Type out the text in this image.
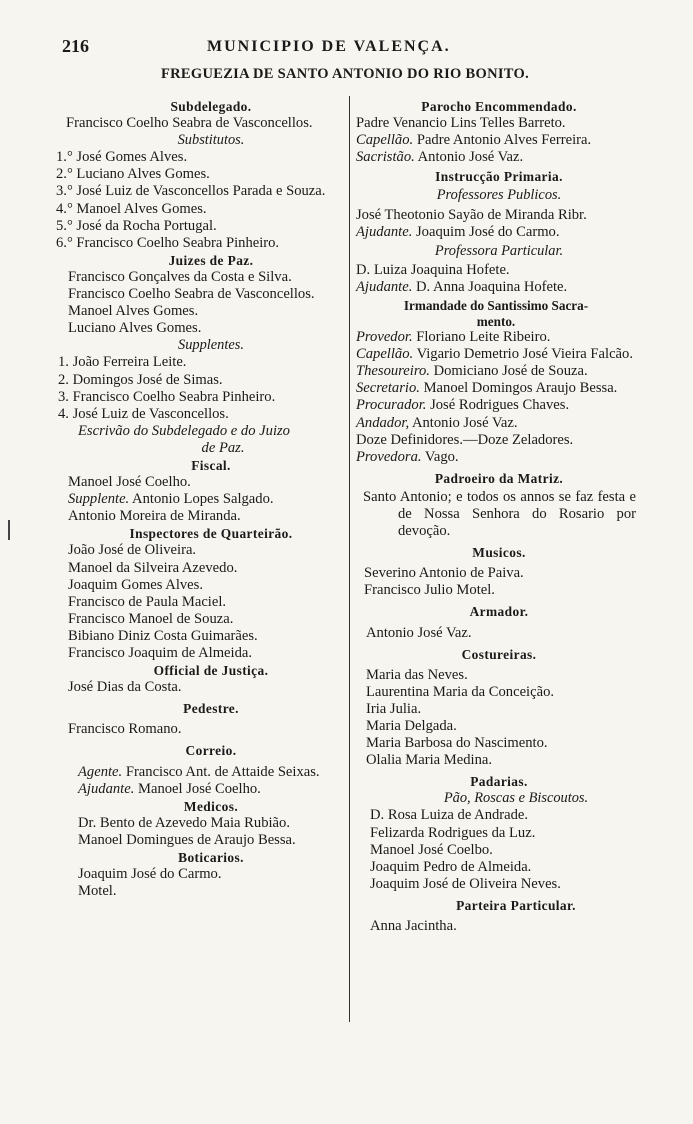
216	MUNICIPIO DE VALENÇA.
FREGUEZIA DE SANTO ANTONIO DO RIO BONITO.
Subdelegado.
Francisco Coelho Seabra de Vasconcellos.
Substitutos.
1.° José Gomes Alves.
2.° Luciano Alves Gomes.
3.° José Luiz de Vasconcellos Parada e Souza.
4.° Manoel Alves Gomes.
5.° José da Rocha Portugal.
6.° Francisco Coelho Seabra Pinheiro.
Juizes de Paz.
Francisco Gonçalves da Costa e Silva.
Francisco Coelho Seabra de Vasconcellos.
Manoel Alves Gomes.
Luciano Alves Gomes.
Supplentes.
1. João Ferreira Leite.
2. Domingos José de Simas.
3. Francisco Coelho Seabra Pinheiro.
4. José Luiz de Vasconcellos.
Escrivão do Subdelegado e do Juizo
de Paz.
Fiscal.
Manoel José Coelho.
Supplente. Antonio Lopes Salgado.
Antonio Moreira de Miranda.
Inspectores de Quarteirão.
João José de Oliveira.
Manoel da Silveira Azevedo.
Joaquim Gomes Alves.
Francisco de Paula Maciel.
Francisco Manoel de Souza.
Bibiano Diniz Costa Guimarães.
Francisco Joaquim de Almeida.
Official de Justiça.
José Dias da Costa.
Pedestre.
Francisco Romano.
Correio.
Agente. Francisco Ant. de Attaide Seixas.
Ajudante. Manoel José Coelho.
Medicos.
Dr. Bento de Azevedo Maia Rubião.
Manoel Domingues de Araujo Bessa.
Boticarios.
Joaquim José do Carmo.
Motel.
Parocho Encommendado.
Padre Venancio Lins Telles Barreto.
Capellão. Padre Antonio Alves Ferreira.
Sacristão. Antonio José Vaz.
Instrucção Primaria.
Professores Publicos.
José Theotonio Sayão de Miranda Ribr.
Ajudante. Joaquim José do Carmo.
Professora Particular.
D. Luiza Joaquina Hofete.
Ajudante. D. Anna Joaquina Hofete.
Irmandade do Santissimo Sacra-
mento.
Provedor. Floriano Leite Ribeiro.
Capellão. Vigario Demetrio José Vieira Falcão.
Thesoureiro. Domiciano José de Souza.
Secretario. Manoel Domingos Araujo Bessa.
Procurador. José Rodrigues Chaves.
Andador, Antonio José Vaz.
Doze Definidores.—Doze Zeladores.
Provedora. Vago.
Padroeiro da Matriz.
Santo Antonio; e todos os annos se faz festa e de Nossa Senhora do Rosario por devoção.
Musicos.
Severino Antonio de Paiva.
Francisco Julio Motel.
Armador.
Antonio José Vaz.
Costureiras.
Maria das Neves.
Laurentina Maria da Conceição.
Iria Julia.
Maria Delgada.
Maria Barbosa do Nascimento.
Olalia Maria Medina.
Padarias.
Pão, Roscas e Biscoutos.
D. Rosa Luiza de Andrade.
Felizarda Rodrigues da Luz.
Manoel José Coelbo.
Joaquim Pedro de Almeida.
Joaquim José de Oliveira Neves.
Parteira Particular.
Anna Jacintha.
